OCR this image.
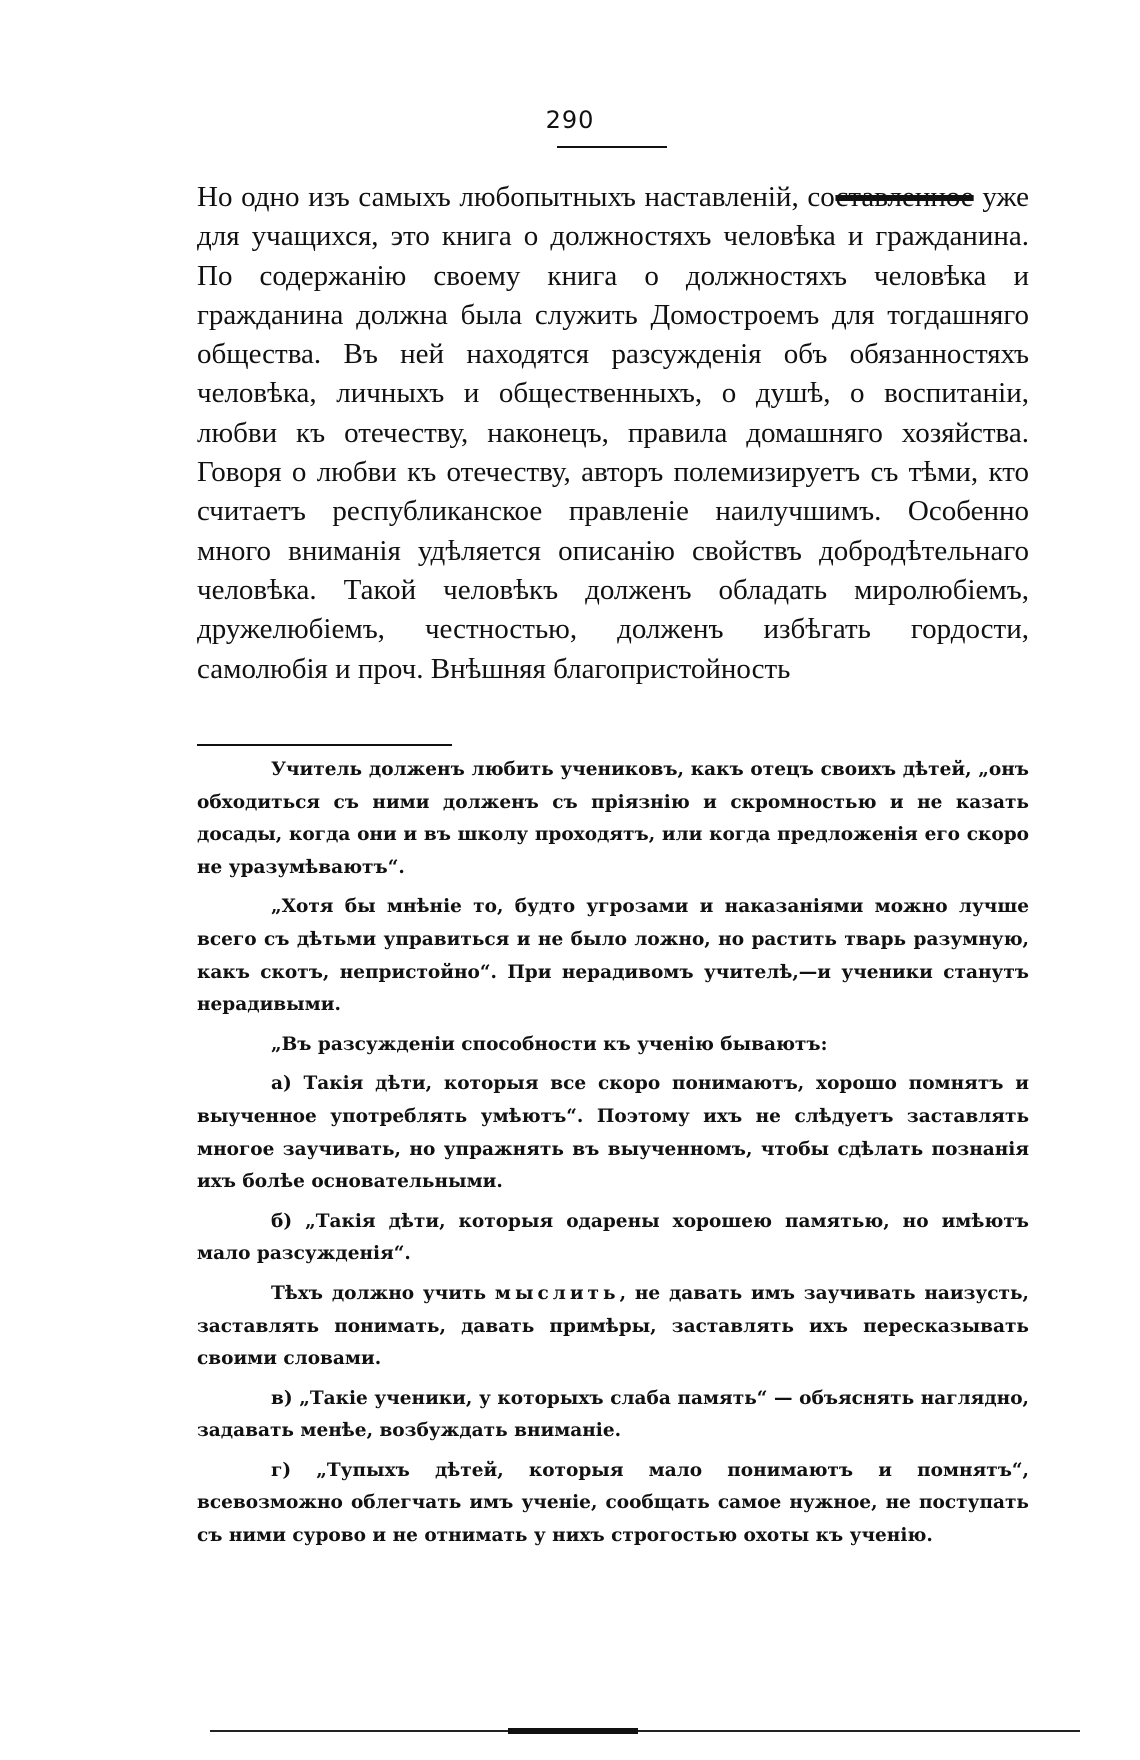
290
Но одно изъ самыхъ любопытныхъ наставленій, составленное уже для учащихся, это книга о должностяхъ человѣка и гражданина. По содержанію своему книга о должностяхъ человѣка и гражданина должна была служить Домостроемъ для тогдашняго общества. Въ ней находятся разсужденія объ обязанностяхъ человѣка, личныхъ и общественныхъ, о душѣ, о воспитаніи, любви къ отечеству, наконецъ, правила домашняго хозяйства. Говоря о любви къ отечеству, авторъ полемизируетъ съ тѣми, кто считаетъ республиканское правленіе наилучшимъ. Особенно много вниманія удѣляется описанію свойствъ добродѣтельнаго человѣка. Такой человѣкъ долженъ обладать миролюбіемъ, дружелюбіемъ, честностью, долженъ избѣгать гордости, самолюбія и проч. Внѣшняя благопристойность

Учитель долженъ любить учениковъ, какъ отецъ своихъ дѣтей, „онъ обходиться съ ними долженъ съ пріязнію и скромностью и не казать досады, когда они и въ школу проходятъ, или когда предложенія его скоро не уразумѣваютъ“.

„Хотя бы мнѣніе то, будто угрозами и наказаніями можно лучше всего съ дѣтьми управиться и не было ложно, но растить тварь разумную, какъ скотъ, непристойно“. При нерадивомъ учителѣ,—и ученики станутъ нерадивыми.

„Въ разсужденіи способности къ ученію бываютъ:

а) Такія дѣти, которыя все скоро понимаютъ, хорошо помнятъ и выученное употреблять умѣютъ“. Поэтому ихъ не слѣдуетъ заставлять многое заучивать, но упражнять въ выученномъ, чтобы сдѣлать познанія ихъ болѣе основательными.

б) „Такія дѣти, которыя одарены хорошею памятью, но имѣютъ мало разсужденія“.

Тѣхъ должно учить мыслить, не давать имъ заучивать наизусть, заставлять понимать, давать примѣры, заставлять ихъ пересказывать своими словами.

в) „Такіе ученики, у которыхъ слаба память“ — объяснять наглядно, задавать менѣе, возбуждать вниманіе.

г) „Тупыхъ дѣтей, которыя мало понимаютъ и помнятъ“, всевозможно облегчать имъ ученіе, сообщать самое нужное, не поступать съ ними сурово и не отнимать у нихъ строгостью охоты къ ученію.
